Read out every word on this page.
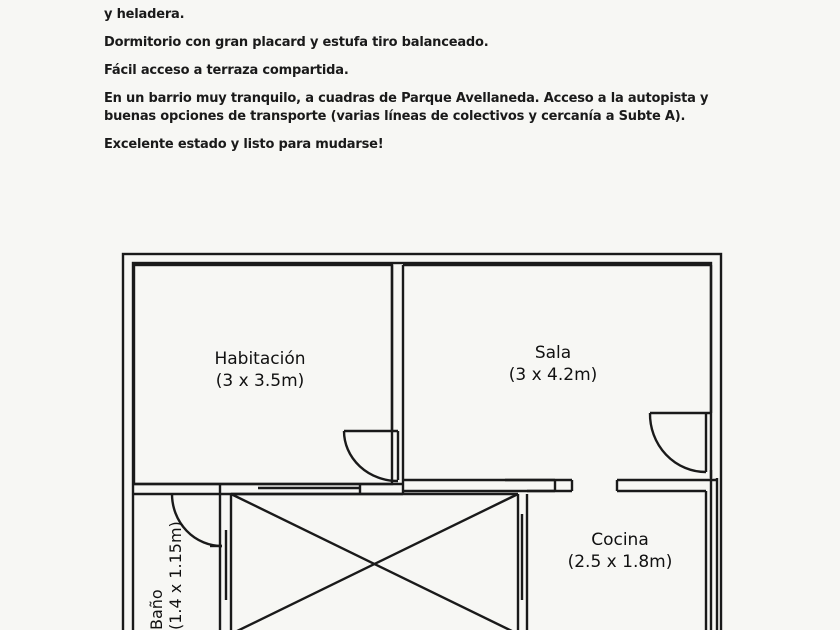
y heladera.

Dormitorio con gran placard y estufa tiro balanceado.

Fácil acceso a terraza compartida.

En un barrio muy tranquilo, a cuadras de Parque Avellaneda. Acceso a la autopista y buenas opciones de transporte (varias líneas de colectivos y cercanía a Subte A).

Excelente estado y listo para mudarse!

Habitación
(3 x 3.5m)
Sala
(3 x 4.2m)
Cocina
(2.5 x 1.8m)
Baño
(1.4 x 1.15m)
